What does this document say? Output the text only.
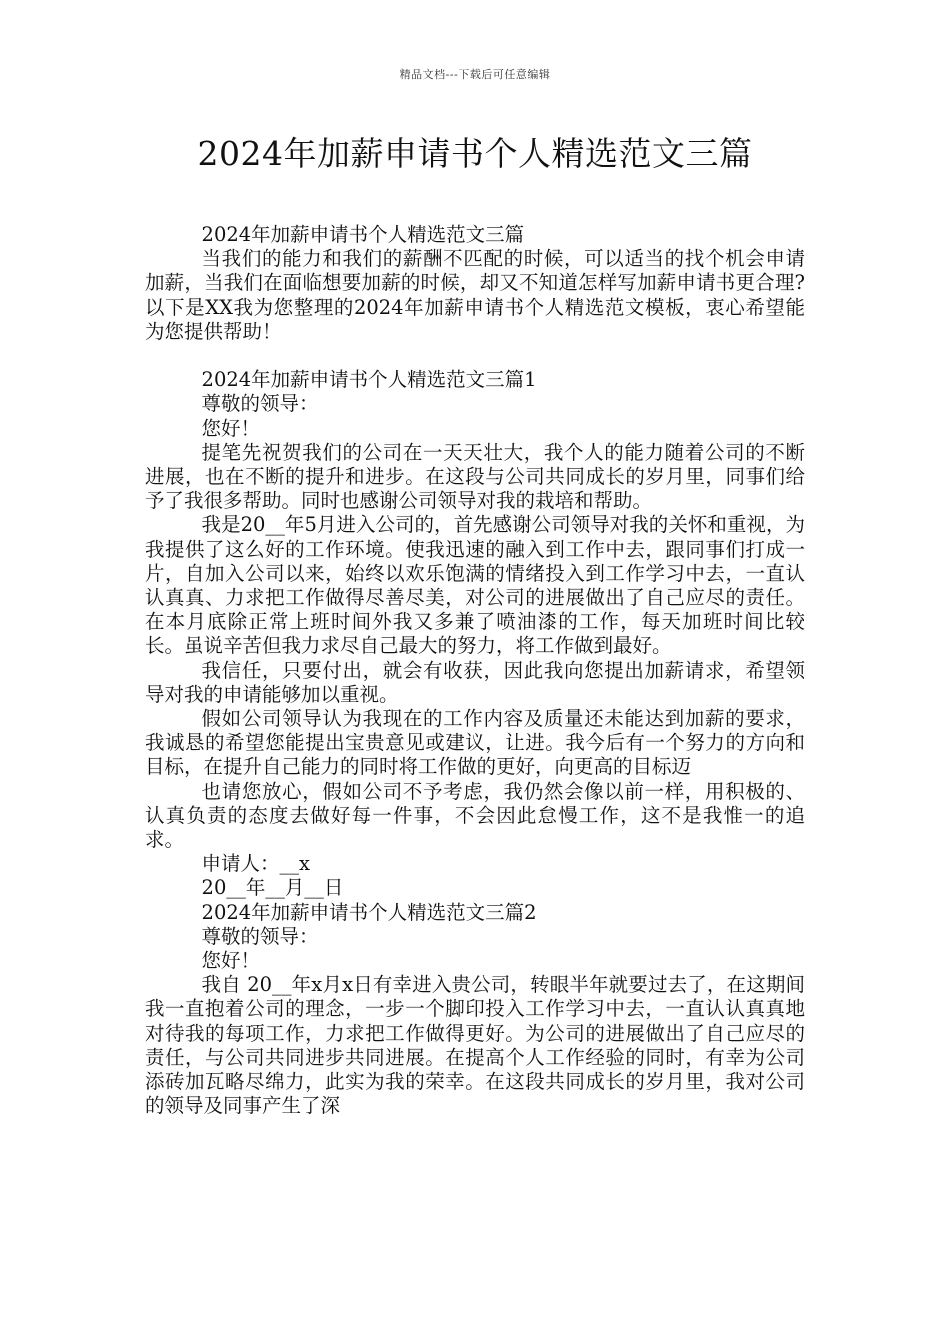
精品文档---下载后可任意编辑
2024年加薪申请书个人精选范文三篇

2024年加薪申请书个人精选范文三篇

当我们的能力和我们的薪酬不匹配的时候，可以适当的找个机会申请加薪，当我们在面临想要加薪的时候，却又不知道怎样写加薪申请书更合理?以下是XX我为您整理的2024年加薪申请书个人精选范文模板，衷心希望能为您提供帮助！

2024年加薪申请书个人精选范文三篇1

尊敬的领导：

您好！

提笔先祝贺我们的公司在一天天壮大，我个人的能力随着公司的不断进展，也在不断的提升和进步。在这段与公司共同成长的岁月里，同事们给予了我很多帮助。同时也感谢公司领导对我的栽培和帮助。

我是20__年5月进入公司的，首先感谢公司领导对我的关怀和重视，为我提供了这么好的工作环境。使我迅速的融入到工作中去，跟同事们打成一片，自加入公司以来，始终以欢乐饱满的情绪投入到工作学习中去，一直认认真真、力求把工作做得尽善尽美，对公司的进展做出了自己应尽的责任。在本月底除正常上班时间外我又多兼了喷油漆的工作，每天加班时间比较长。虽说辛苦但我力求尽自己最大的努力，将工作做到最好。

我信任，只要付出，就会有收获，因此我向您提出加薪请求，希望领导对我的申请能够加以重视。

假如公司领导认为我现在的工作内容及质量还未能达到加薪的要求，我诚恳的希望您能提出宝贵意见或建议，让进。我今后有一个努力的方向和目标，在提升自己能力的同时将工作做的更好，向更高的目标迈

也请您放心，假如公司不予考虑，我仍然会像以前一样，用积极的、认真负责的态度去做好每一件事，不会因此怠慢工作，这不是我惟一的追求。

申请人：__x

20__年__月__日

2024年加薪申请书个人精选范文三篇2

尊敬的领导：

您好！

我自 20__年x月x日有幸进入贵公司，转眼半年就要过去了，在这期间我一直抱着公司的理念，一步一个脚印投入工作学习中去，一直认认真真地对待我的每项工作，力求把工作做得更好。为公司的进展做出了自己应尽的责任，与公司共同进步共同进展。在提高个人工作经验的同时，有幸为公司添砖加瓦略尽绵力，此实为我的荣幸。在这段共同成长的岁月里，我对公司的领导及同事产生了深
